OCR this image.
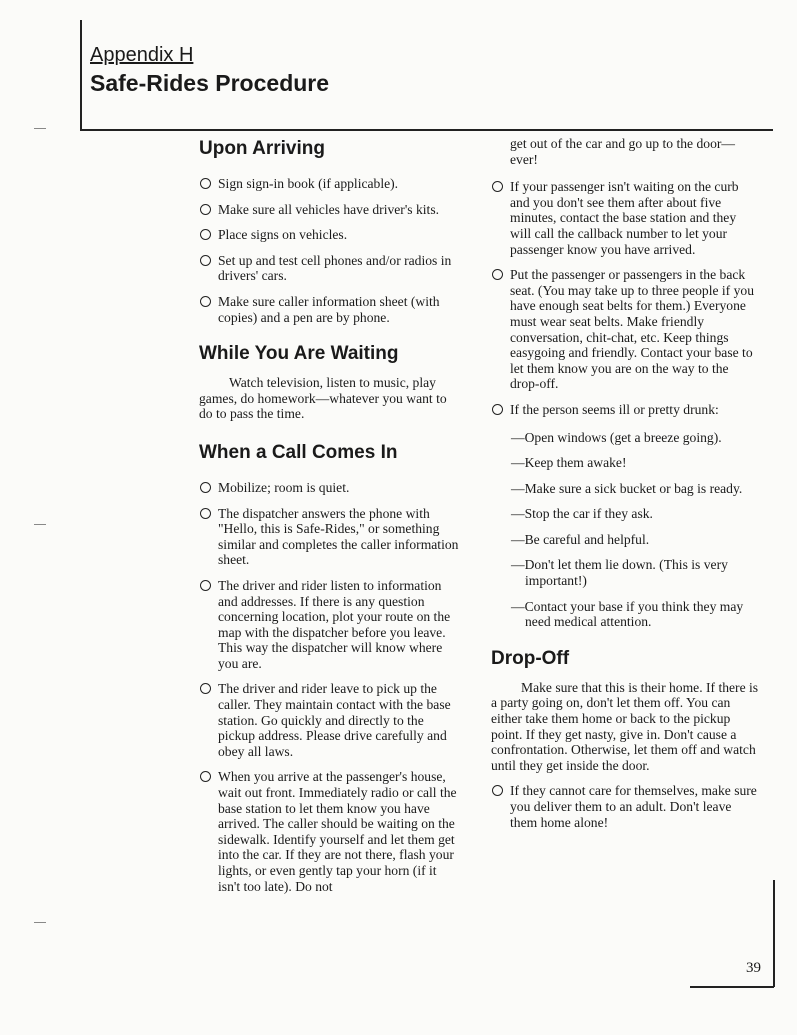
Appendix H
Safe-Rides Procedure
Upon Arriving
Sign sign-in book (if applicable).
Make sure all vehicles have driver's kits.
Place signs on vehicles.
Set up and test cell phones and/or radios in drivers' cars.
Make sure caller information sheet (with copies) and a pen are by phone.
While You Are Waiting

Watch television, listen to music, play games, do homework—whatever you want to do to pass the time.

When a Call Comes In
Mobilize; room is quiet.
The dispatcher answers the phone with "Hello, this is Safe-Rides," or something similar and completes the caller information sheet.
The driver and rider listen to information and addresses. If there is any question concerning location, plot your route on the map with the dispatcher before you leave. This way the dispatcher will know where you are.
The driver and rider leave to pick up the caller. They maintain contact with the base station. Go quickly and directly to the pickup address. Please drive carefully and obey all laws.
When you arrive at the passenger's house, wait out front. Immediately radio or call the base station to let them know you have arrived. The caller should be waiting on the sidewalk. Identify yourself and let them get into the car. If they are not there, flash your lights, or even gently tap your horn (if it isn't too late). Do not
get out of the car and go up to the door—ever!
If your passenger isn't waiting on the curb and you don't see them after about five minutes, contact the base station and they will call the callback number to let your passenger know you have arrived.
Put the passenger or passengers in the back seat. (You may take up to three people if you have enough seat belts for them.) Everyone must wear seat belts. Make friendly conversation, chit-chat, etc. Keep things easygoing and friendly. Contact your base to let them know you are on the way to the drop-off.
If the person seems ill or pretty drunk:
—Open windows (get a breeze going).
—Keep them awake!
—Make sure a sick bucket or bag is ready.
—Stop the car if they ask.
—Be careful and helpful.
—Don't let them lie down. (This is very important!)
—Contact your base if you think they may need medical attention.
Drop-Off

Make sure that this is their home. If there is a party going on, don't let them off. You can either take them home or back to the pickup point. If they get nasty, give in. Don't cause a confrontation. Otherwise, let them off and watch until they get inside the door.

If they cannot care for themselves, make sure you deliver them to an adult. Don't leave them home alone!
39
